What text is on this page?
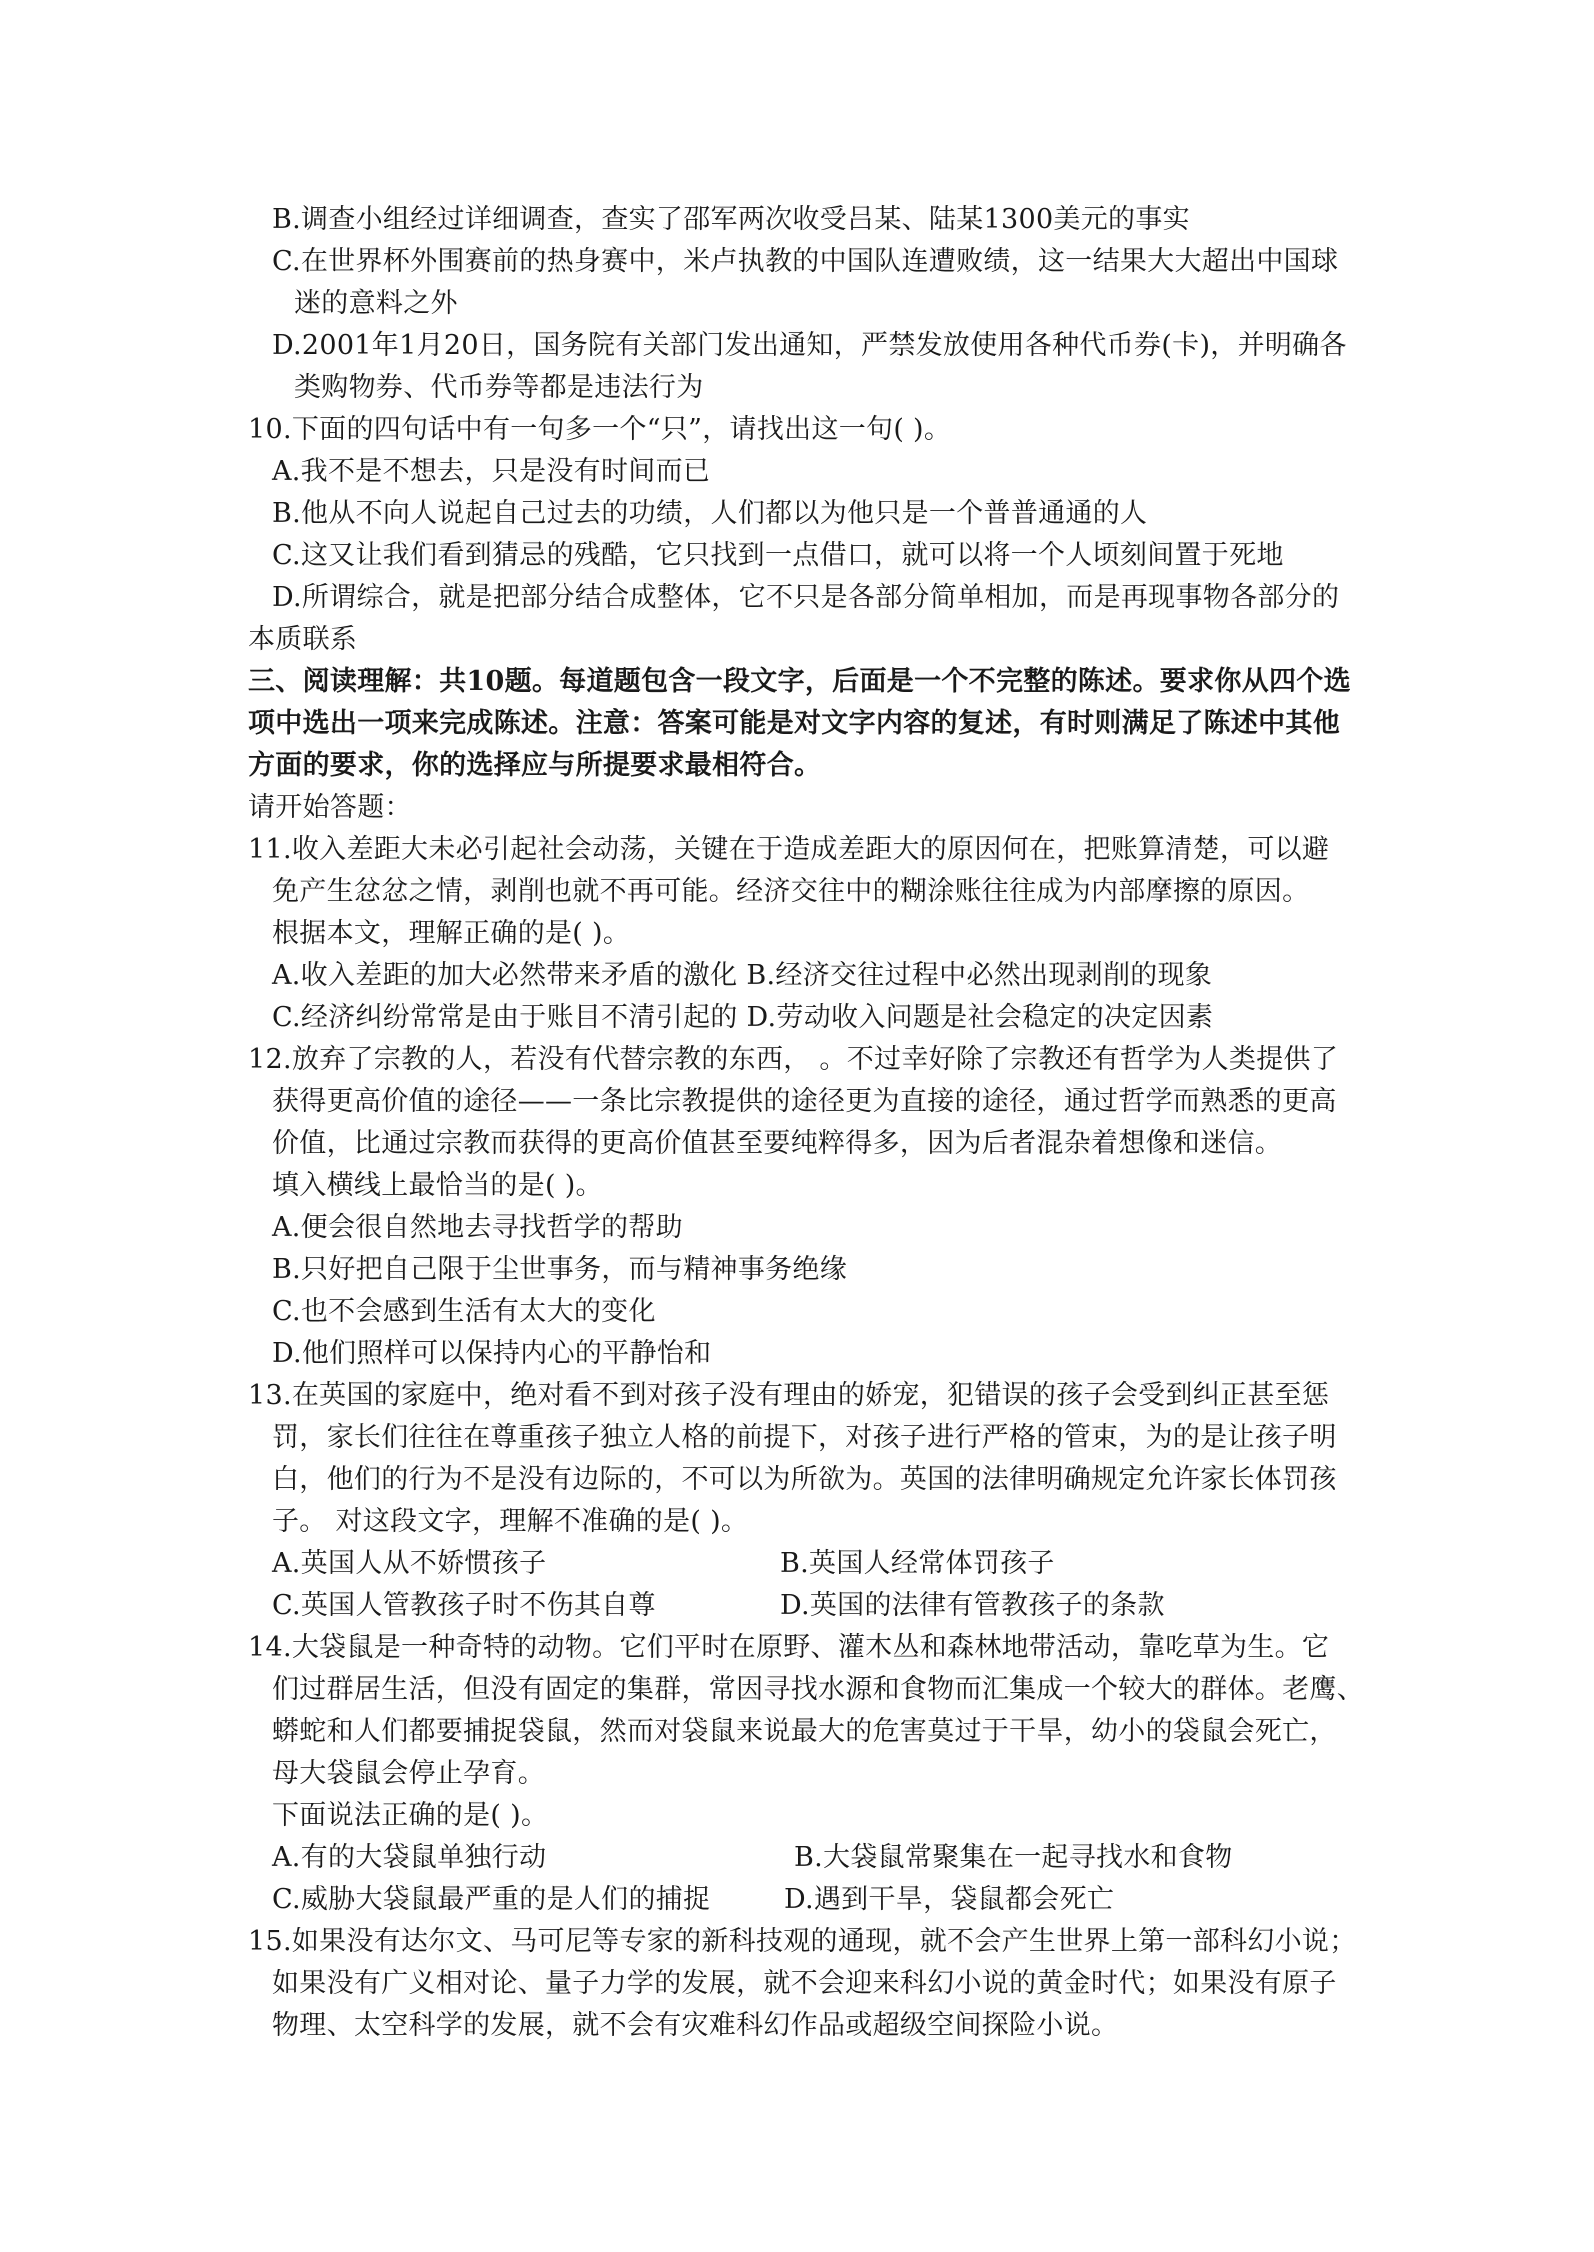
B.调查小组经过详细调查，查实了邵军两次收受吕某、陆某1300美元的事实
C.在世界杯外围赛前的热身赛中，米卢执教的中国队连遭败绩，这一结果大大超出中国球
迷的意料之外
D.2001年1月20日，国务院有关部门发出通知，严禁发放使用各种代币券(卡)，并明确各
类购物券、代币券等都是违法行为
10.下面的四句话中有一句多一个“只”，请找出这一句( )。
A.我不是不想去，只是没有时间而已
B.他从不向人说起自己过去的功绩，人们都以为他只是一个普普通通的人
C.这又让我们看到猜忌的残酷，它只找到一点借口，就可以将一个人顷刻间置于死地
D.所谓综合，就是把部分结合成整体，它不只是各部分简单相加，而是再现事物各部分的
本质联系
三、阅读理解：共10题。每道题包含一段文字，后面是一个不完整的陈述。要求你从四个选
项中选出一项来完成陈述。注意：答案可能是对文字内容的复述，有时则满足了陈述中其他
方面的要求，你的选择应与所提要求最相符合。
请开始答题：
11.收入差距大未必引起社会动荡，关键在于造成差距大的原因何在，把账算清楚，可以避
免产生忿忿之情，剥削也就不再可能。经济交往中的糊涂账往往成为内部摩擦的原因。
根据本文，理解正确的是( )。
A.收入差距的加大必然带来矛盾的激化 B.经济交往过程中必然出现剥削的现象
C.经济纠纷常常是由于账目不清引起的 D.劳动收入问题是社会稳定的决定因素
12.放弃了宗教的人，若没有代替宗教的东西， 。不过幸好除了宗教还有哲学为人类提供了
获得更高价值的途径——一条比宗教提供的途径更为直接的途径，通过哲学而熟悉的更高
价值，比通过宗教而获得的更高价值甚至要纯粹得多，因为后者混杂着想像和迷信。
填入横线上最恰当的是( )。
A.便会很自然地去寻找哲学的帮助
B.只好把自己限于尘世事务，而与精神事务绝缘
C.也不会感到生活有太大的变化
D.他们照样可以保持内心的平静怡和
13.在英国的家庭中，绝对看不到对孩子没有理由的娇宠，犯错误的孩子会受到纠正甚至惩
罚，家长们往往在尊重孩子独立人格的前提下，对孩子进行严格的管束，为的是让孩子明
白，他们的行为不是没有边际的，不可以为所欲为。英国的法律明确规定允许家长体罚孩
子。 对这段文字，理解不准确的是( )。
A.英国人从不娇惯孩子	B.英国人经常体罚孩子
C.英国人管教孩子时不伤其自尊	D.英国的法律有管教孩子的条款
14.大袋鼠是一种奇特的动物。它们平时在原野、灌木丛和森林地带活动，靠吃草为生。它
们过群居生活，但没有固定的集群，常因寻找水源和食物而汇集成一个较大的群体。老鹰、
蟒蛇和人们都要捕捉袋鼠，然而对袋鼠来说最大的危害莫过于干旱，幼小的袋鼠会死亡，
母大袋鼠会停止孕育。
下面说法正确的是( )。
A.有的大袋鼠单独行动	B.大袋鼠常聚集在一起寻找水和食物
C.威胁大袋鼠最严重的是人们的捕捉	D.遇到干旱，袋鼠都会死亡
15.如果没有达尔文、马可尼等专家的新科技观的通现，就不会产生世界上第一部科幻小说；
如果没有广义相对论、量子力学的发展，就不会迎来科幻小说的黄金时代；如果没有原子
物理、太空科学的发展，就不会有灾难科幻作品或超级空间探险小说。
